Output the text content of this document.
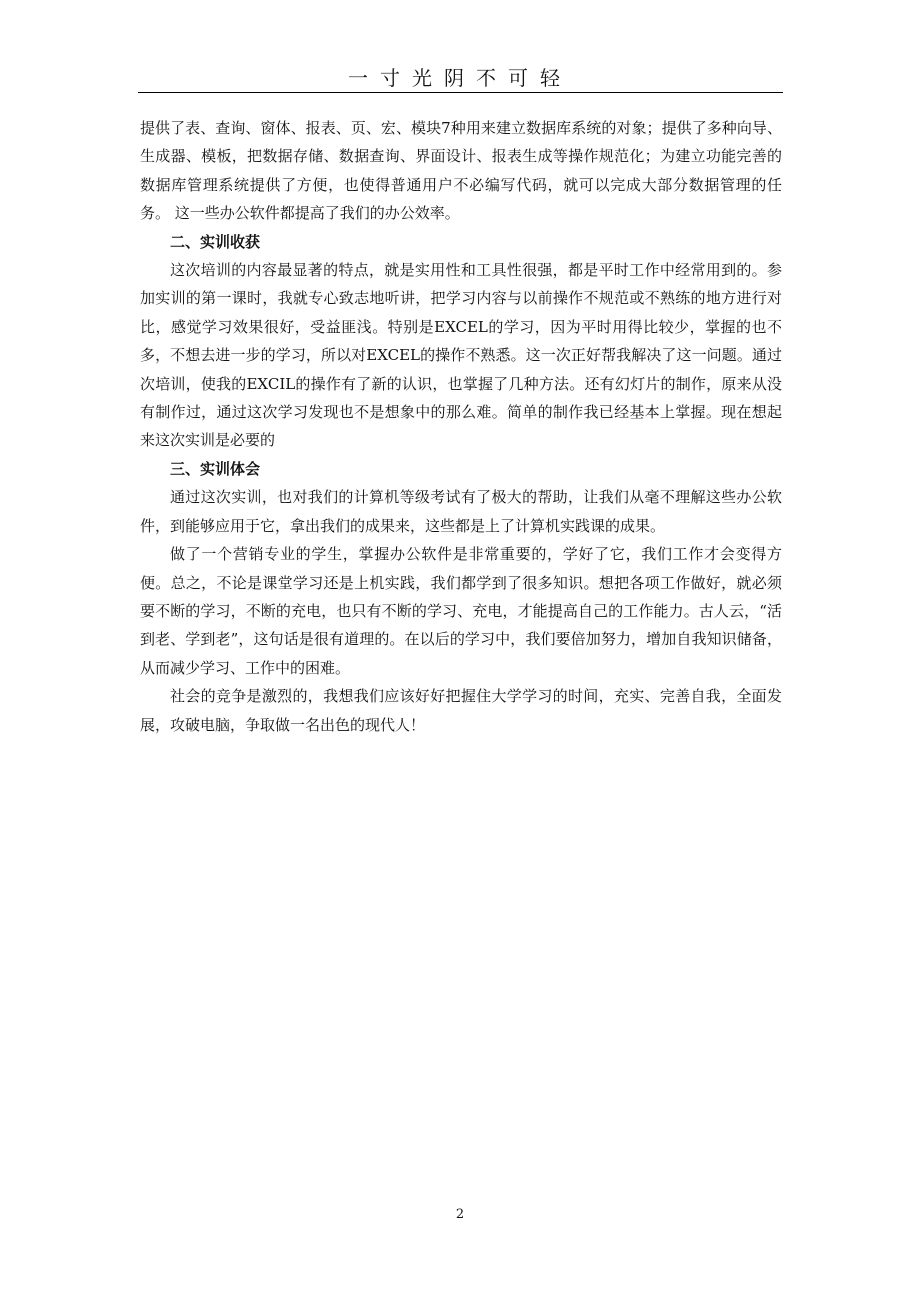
一寸光阴不可轻

提供了表、查询、窗体、报表、页、宏、模块7种用来建立数据库系统的对象；提供了多种向导、生成器、模板，把数据存储、数据查询、界面设计、报表生成等操作规范化；为建立功能完善的数据库管理系统提供了方便，也使得普通用户不必编写代码，就可以完成大部分数据管理的任务。 这一些办公软件都提高了我们的办公效率。

二、实训收获

这次培训的内容最显著的特点，就是实用性和工具性很强，都是平时工作中经常用到的。参加实训的第一课时，我就专心致志地听讲，把学习内容与以前操作不规范或不熟练的地方进行对比，感觉学习效果很好，受益匪浅。特别是EXCEL的学习，因为平时用得比较少，掌握的也不多，不想去进一步的学习，所以对EXCEL的操作不熟悉。这一次正好帮我解决了这一问题。通过次培训，使我的EXCIL的操作有了新的认识，也掌握了几种方法。还有幻灯片的制作，原来从没有制作过，通过这次学习发现也不是想象中的那么难。简单的制作我已经基本上掌握。现在想起来这次实训是必要的

三、实训体会

通过这次实训，也对我们的计算机等级考试有了极大的帮助，让我们从毫不理解这些办公软件，到能够应用于它，拿出我们的成果来，这些都是上了计算机实践课的成果。

做了一个营销专业的学生，掌握办公软件是非常重要的，学好了它，我们工作才会变得方便。总之，不论是课堂学习还是上机实践，我们都学到了很多知识。想把各项工作做好，就必须要不断的学习，不断的充电，也只有不断的学习、充电，才能提高自己的工作能力。古人云，“活到老、学到老”，这句话是很有道理的。在以后的学习中，我们要倍加努力，增加自我知识储备，从而减少学习、工作中的困难。

社会的竞争是激烈的，我想我们应该好好把握住大学学习的时间，充实、完善自我，全面发展，攻破电脑，争取做一名出色的现代人！

2
